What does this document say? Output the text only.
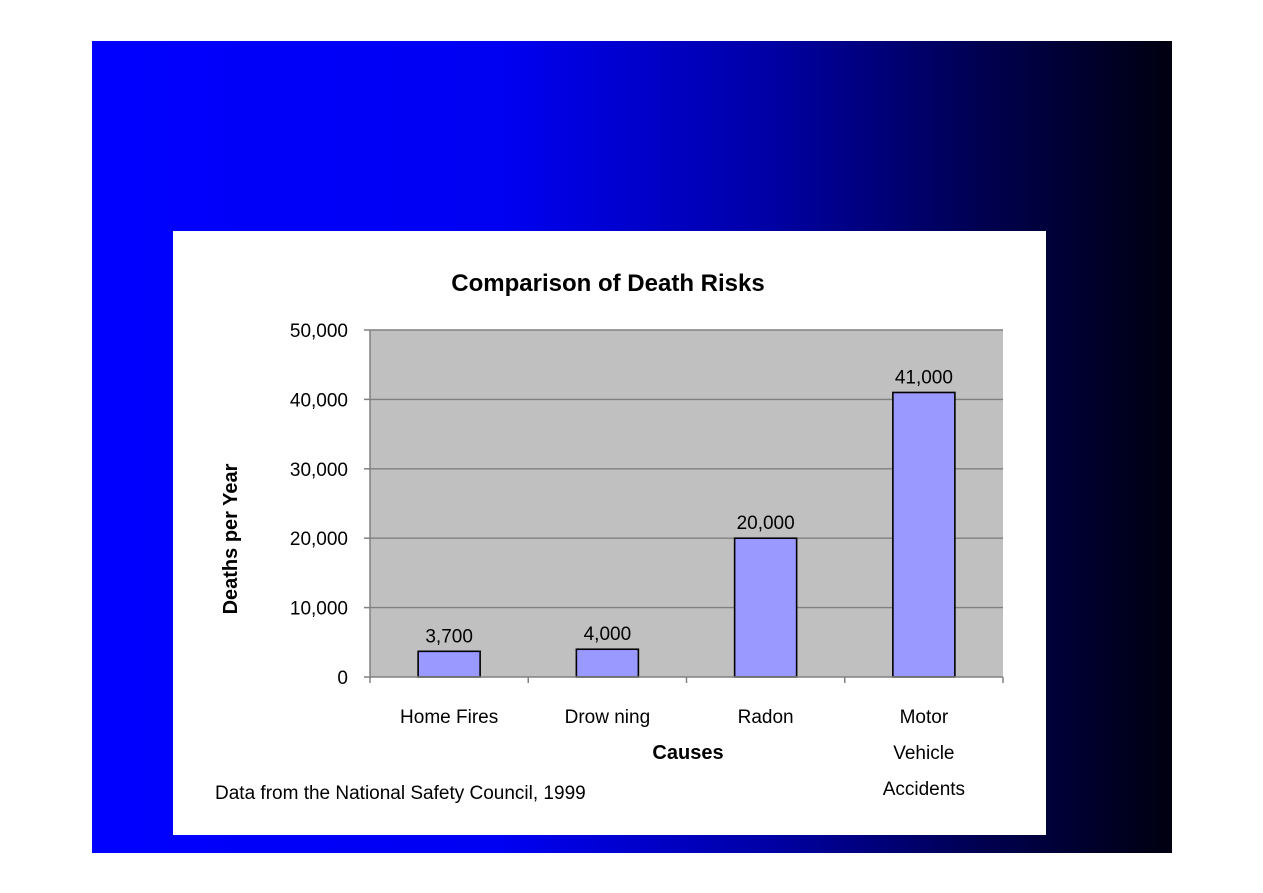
Comparison of Death Risks
0
10,000
20,000
30,000
40,000
50,000
Home Fires	Drow ning	Radon	Motor
Vehicle
Accidents
3,700	4,000
20,000
41,000
Deaths per Year
Causes
Data from the National Safety Council, 1999
